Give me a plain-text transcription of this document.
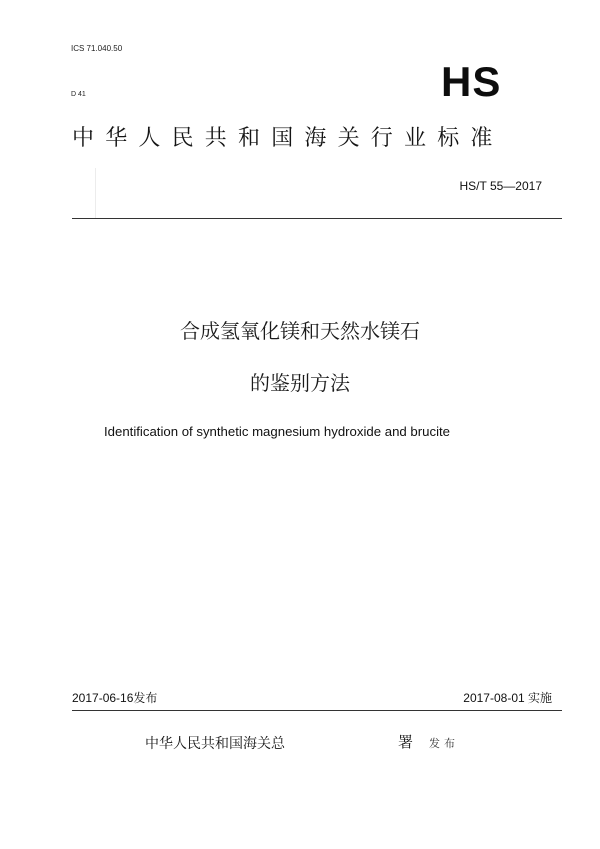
ICS 71.040.50
D 41	HS
中华人民共和国海关行业标准
HS/T 55—2017
合成氢氧化镁和天然水镁石
的鉴别方法
Identification of synthetic magnesium hydroxide and brucite
2017-06-16发布	2017-08-01 实施
中华人民共和国海关总	署 发布
